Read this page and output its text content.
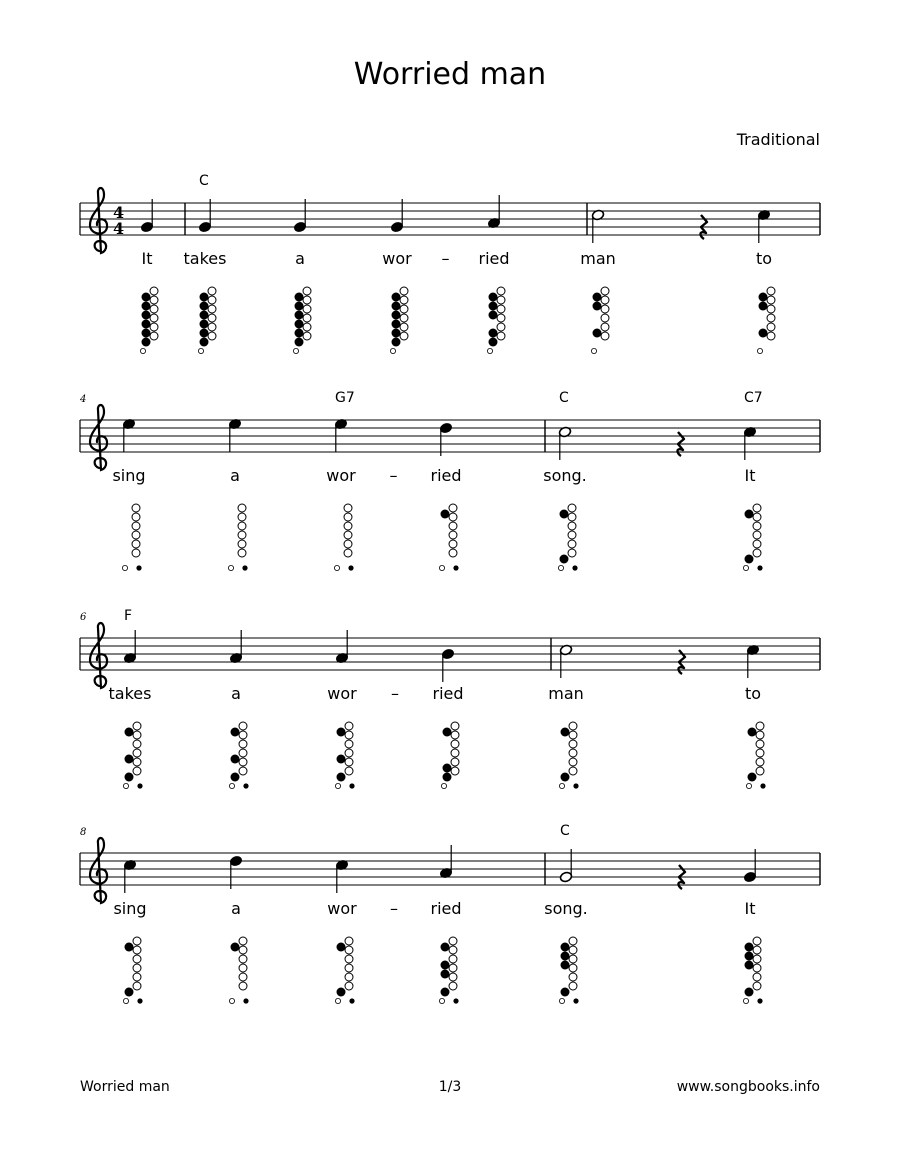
Worried man
Traditional
4
4
C
It takes	a	wor	ried
–	man	to
4	G7	C	C7
sing	a	wor	ried
–	song.	It
6	F
takes	a	wor	ried
–	man	to
8	C
sing	a	wor	ried
–	song.	It
Worried man	1/3	www.songbooks.info
